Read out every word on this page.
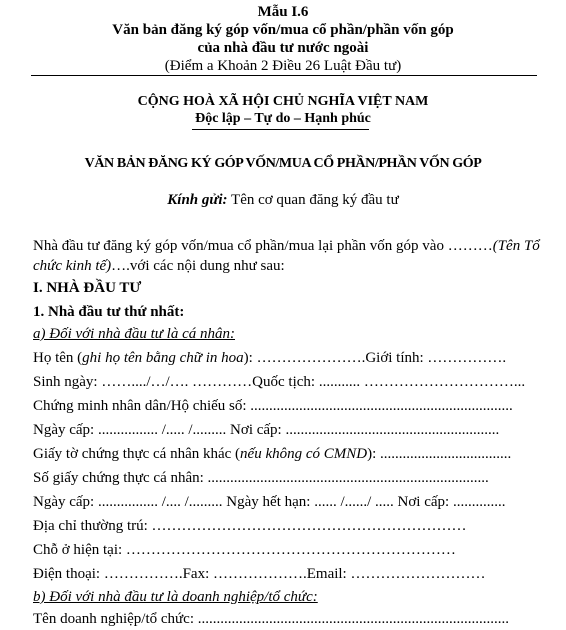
Mẫu I.6
Văn bản đăng ký góp vốn/mua cổ phần/phần vốn góp
của nhà đầu tư nước ngoài
(Điểm a Khoản 2 Điều 26 Luật Đầu tư)
CỘNG HOÀ XÃ HỘI CHỦ NGHĨA VIỆT NAM
Độc lập – Tự do – Hạnh phúc
VĂN BẢN ĐĂNG KÝ GÓP VỐN/MUA CỔ PHẦN/PHẦN VỐN GÓP
Kính gửi: Tên cơ quan đăng ký đầu tư
Nhà đầu tư đăng ký góp vốn/mua cổ phần/mua lại phần vốn góp vào ………(Tên Tổ
chức kinh tế)….với các nội dung như sau:
I. NHÀ ĐẦU TƯ
1. Nhà đầu tư thứ nhất:
a) Đối với nhà đầu tư là cá nhân:
Họ tên (ghi họ tên bằng chữ in hoa): ………………….Giới tính: …………….
Sinh ngày: ……..../…/…. …………Quốc tịch: ........... …………………………...
Chứng minh nhân dân/Hộ chiếu số: ......................................................................
Ngày cấp: ................ /..... /......... Nơi cấp: .........................................................
Giấy tờ chứng thực cá nhân khác (nếu không có CMND): ...................................
Số giấy chứng thực cá nhân: ...........................................................................
Ngày cấp: ................ /.... /......... Ngày hết hạn: ...... /....../ ..... Nơi cấp: ..............
Địa chỉ thường trú: ………………………………………………………
Chỗ ở hiện tại: …………………………………………………………
Điện thoại: …………….Fax: ……………….Email: ………………………
b) Đối với nhà đầu tư là doanh nghiệp/tổ chức:
Tên doanh nghiệp/tổ chức: ...................................................................................
